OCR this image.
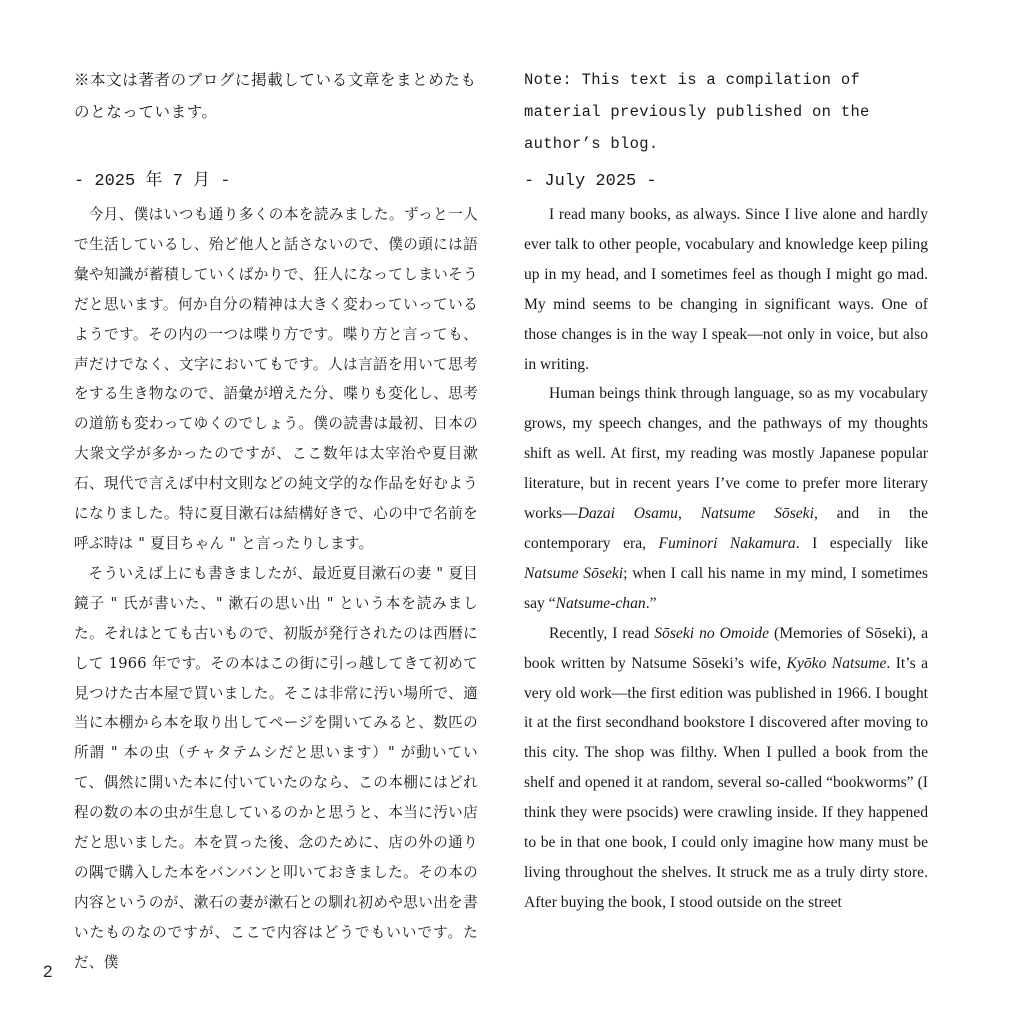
※本文は著者のブログに掲載している文章をまとめたものとなっています。

- 2025 年 7 月 -

今月、僕はいつも通り多くの本を読みました。ずっと一人で生活しているし、殆ど他人と話さないので、僕の頭には語彙や知識が蓄積していくばかりで、狂人になってしまいそうだと思います。何か自分の精神は大きく変わっていっているようです。その内の一つは喋り方です。喋り方と言っても、声だけでなく、文字においてもです。人は言語を用いて思考をする生き物なので、語彙が増えた分、喋りも変化し、思考の道筋も変わってゆくのでしょう。僕の読書は最初、日本の大衆文学が多かったのですが、ここ数年は太宰治や夏目漱石、現代で言えば中村文則などの純文学的な作品を好むようになりました。特に夏目漱石は結構好きで、心の中で名前を呼ぶ時は " 夏目ちゃん " と言ったりします。

そういえば上にも書きましたが、最近夏目漱石の妻 " 夏目鏡子 " 氏が書いた、" 漱石の思い出 " という本を読みました。それはとても古いもので、初版が発行されたのは西暦にして 1966 年です。その本はこの街に引っ越してきて初めて見つけた古本屋で買いました。そこは非常に汚い場所で、適当に本棚から本を取り出してページを開いてみると、数匹の所謂 " 本の虫（チャタテムシだと思います）" が動いていて、偶然に開いた本に付いていたのなら、この本棚にはどれ程の数の本の虫が生息しているのかと思うと、本当に汚い店だと思いました。本を買った後、念のために、店の外の通りの隅で購入した本をバンバンと叩いておきました。その本の内容というのが、漱石の妻が漱石との馴れ初めや思い出を書いたものなのですが、ここで内容はどうでもいいです。ただ、僕

Note: This text is a compilation of material previously published on the author’s blog.

- July 2025 -

I read many books, as always. Since I live alone and hardly ever talk to other people, vocabulary and knowledge keep piling up in my head, and I sometimes feel as though I might go mad. My mind seems to be changing in significant ways. One of those changes is in the way I speak—not only in voice, but also in writing.

Human beings think through language, so as my vocabulary grows, my speech changes, and the pathways of my thoughts shift as well. At first, my reading was mostly Japanese popular literature, but in recent years I’ve come to prefer more literary works—Dazai Osamu, Natsume Sōseki, and in the contemporary era, Fuminori Nakamura. I especially like Natsume Sōseki; when I call his name in my mind, I sometimes say “Natsume-chan.”

Recently, I read Sōseki no Omoide (Memories of Sōseki), a book written by Natsume Sōseki’s wife, Kyōko Natsume. It’s a very old work—the first edition was published in 1966. I bought it at the first secondhand bookstore I discovered after moving to this city. The shop was filthy. When I pulled a book from the shelf and opened it at random, several so-called “bookworms” (I think they were psocids) were crawling inside. If they happened to be in that one book, I could only imagine how many must be living throughout the shelves. It struck me as a truly dirty store. After buying the book, I stood outside on the street

2
